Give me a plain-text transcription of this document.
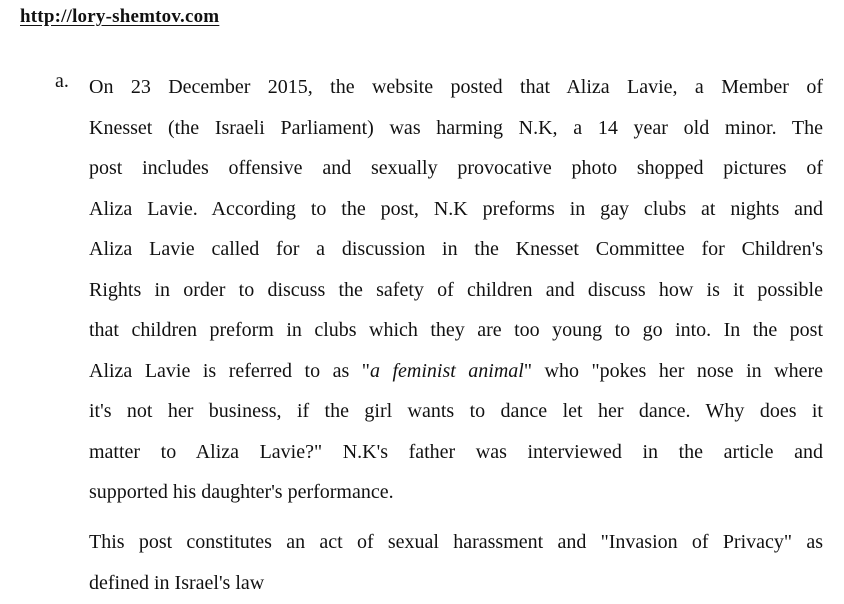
http://lory-shemtov.com
a. On 23 December 2015, the website posted that Aliza Lavie, a Member of
Knesset (the Israeli Parliament) was harming N.K, a 14 year old minor. The
post includes offensive and sexually provocative photo shopped pictures of
Aliza Lavie. According to the post, N.K preforms in gay clubs at nights and
Aliza Lavie called for a discussion in the Knesset Committee for Children's
Rights in order to discuss the safety of children and discuss how is it possible
that children preform in clubs which they are too young to go into. In the post
Aliza Lavie is referred to as "a feminist animal" who "pokes her nose in where
it's not her business, if the girl wants to dance let her dance. Why does it
matter to Aliza Lavie?" N.K's father was interviewed in the article and
supported his daughter's performance.
This post constitutes an act of sexual harassment and "Invasion of Privacy" as
defined in Israel's law
